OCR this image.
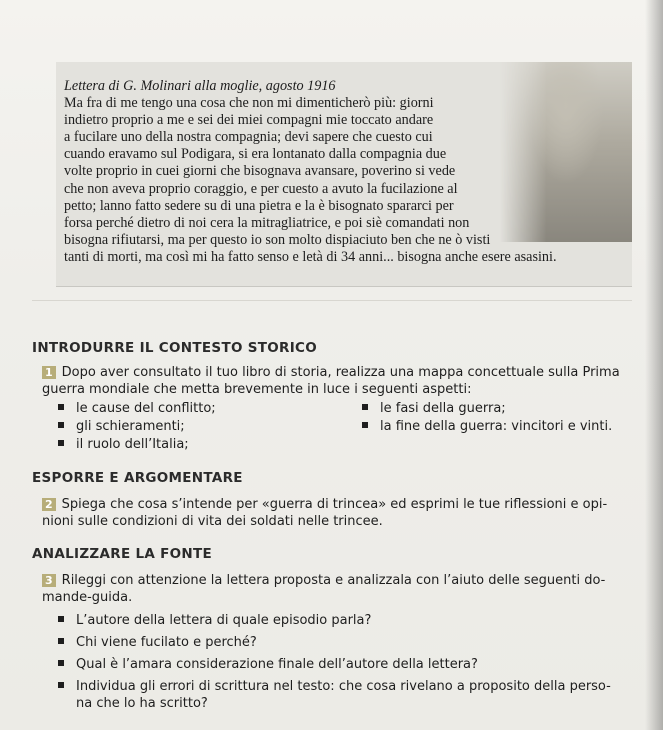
Lettera di G. Molinari alla moglie, agosto 1916
Ma fra di me tengo una cosa che non mi dimenticherò più: giorni
indietro proprio a me e sei dei miei compagni mie toccato andare
a fucilare uno della nostra compagnia; devi sapere che cuesto cui
cuando eravamo sul Podigara, si era lontanato dalla compagnia due
volte proprio in cuei giorni che bisognava avansare, poverino si vede
che non aveva proprio coraggio, e per cuesto a avuto la fucilazione al
petto; lanno fatto sedere su di una pietra e la è bisognato spararci per
forsa perché dietro di noi cera la mitragliatrice, e poi siè comandati non
bisogna rifiutarsi, ma per questo io son molto dispiaciuto ben che ne ò visti
tanti di morti, ma così mi ha fatto senso e letà di 34 anni... bisogna anche esere asasini.
INTRODURRE IL CONTESTO STORICO
1 Dopo aver consultato il tuo libro di storia, realizza una mappa concettuale sulla Prima
guerra mondiale che metta brevemente in luce i seguenti aspetti:
le cause del conflitto;	le fasi della guerra;
gli schieramenti;	la fine della guerra: vincitori e vinti.
il ruolo dell’Italia;
ESPORRE E ARGOMENTARE
2 Spiega che cosa s’intende per «guerra di trincea» ed esprimi le tue riflessioni e opi-
nioni sulle condizioni di vita dei soldati nelle trincee.
ANALIZZARE LA FONTE
3 Rileggi con attenzione la lettera proposta e analizzala con l’aiuto delle seguenti do-
mande-guida.
L’autore della lettera di quale episodio parla?
Chi viene fucilato e perché?
Qual è l’amara considerazione finale dell’autore della lettera?
Individua gli errori di scrittura nel testo: che cosa rivelano a proposito della perso-
na che lo ha scritto?
